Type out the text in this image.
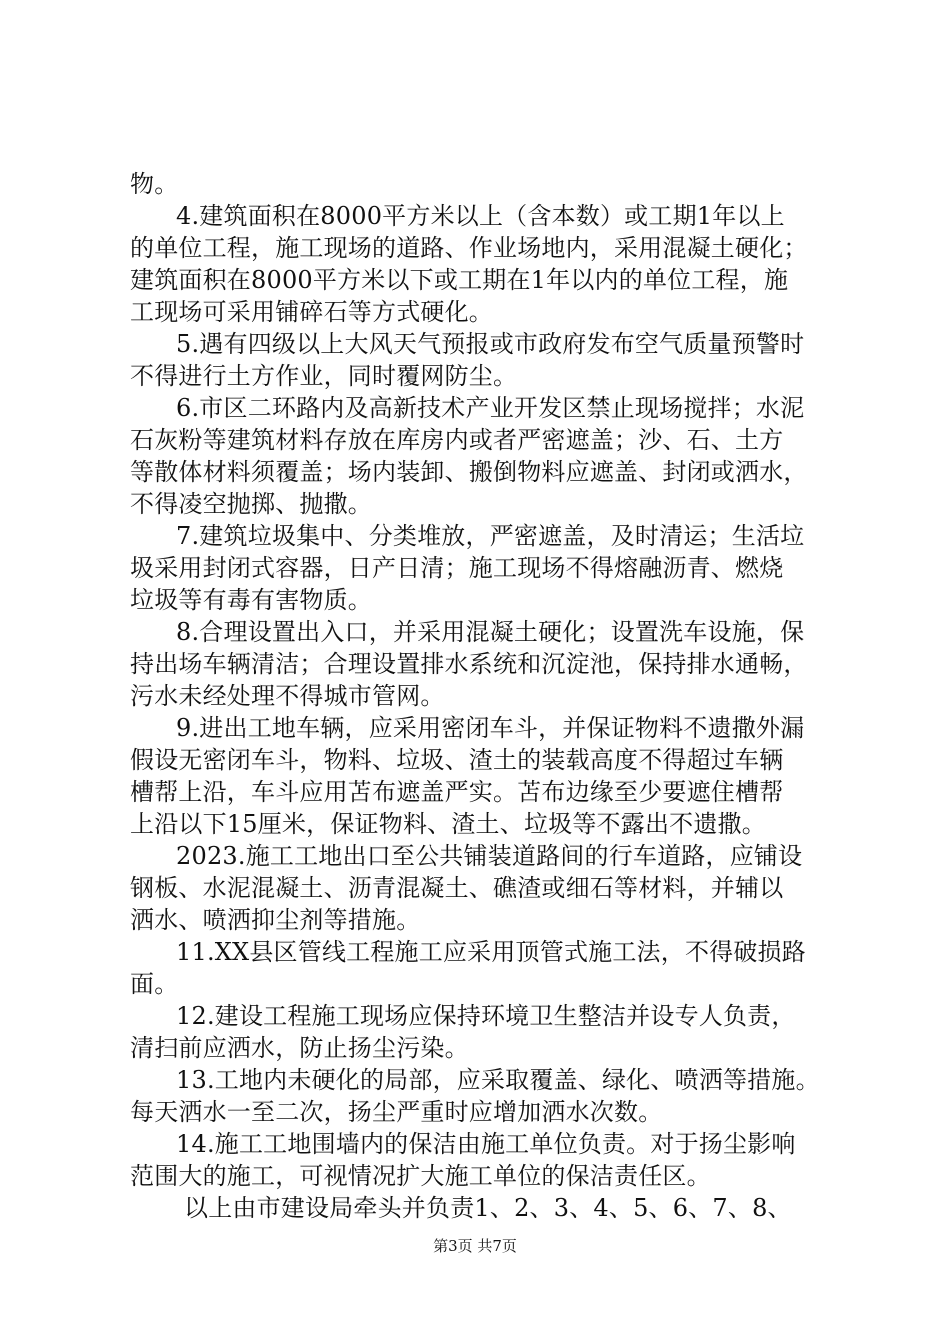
物。
4.建筑面积在8000平方米以上（含本数）或工期1年以上
的单位工程，施工现场的道路、作业场地内，采用混凝土硬化；
建筑面积在8000平方米以下或工期在1年以内的单位工程，施
工现场可采用铺碎石等方式硬化。
5.遇有四级以上大风天气预报或市政府发布空气质量预警时
不得进行土方作业，同时覆网防尘。
6.市区二环路内及高新技术产业开发区禁止现场搅拌；水泥
石灰粉等建筑材料存放在库房内或者严密遮盖；沙、石、土方
等散体材料须覆盖；场内装卸、搬倒物料应遮盖、封闭或洒水，
不得凌空抛掷、抛撒。
7.建筑垃圾集中、分类堆放，严密遮盖，及时清运；生活垃
圾采用封闭式容器，日产日清；施工现场不得熔融沥青、燃烧
垃圾等有毒有害物质。
8.合理设置出入口，并采用混凝土硬化；设置洗车设施，保
持出场车辆清洁；合理设置排水系统和沉淀池，保持排水通畅，
污水未经处理不得城市管网。
9.进出工地车辆，应采用密闭车斗，并保证物料不遗撒外漏
假设无密闭车斗，物料、垃圾、渣土的装载高度不得超过车辆
槽帮上沿，车斗应用苫布遮盖严实。苫布边缘至少要遮住槽帮
上沿以下15厘米，保证物料、渣土、垃圾等不露出不遗撒。
2023.施工工地出口至公共铺装道路间的行车道路，应铺设
钢板、水泥混凝土、沥青混凝土、礁渣或细石等材料，并辅以
洒水、喷洒抑尘剂等措施。
11.XX县区管线工程施工应采用顶管式施工法，不得破损路
面。
12.建设工程施工现场应保持环境卫生整洁并设专人负责，
清扫前应洒水，防止扬尘污染。
13.工地内未硬化的局部，应采取覆盖、绿化、喷洒等措施。
每天洒水一至二次，扬尘严重时应增加洒水次数。
14.施工工地围墙内的保洁由施工单位负责。对于扬尘影响
范围大的施工，可视情况扩大施工单位的保洁责任区。
以上由市建设局牵头并负责1、2、3、4、5、6、7、8、
第3页 共7页
